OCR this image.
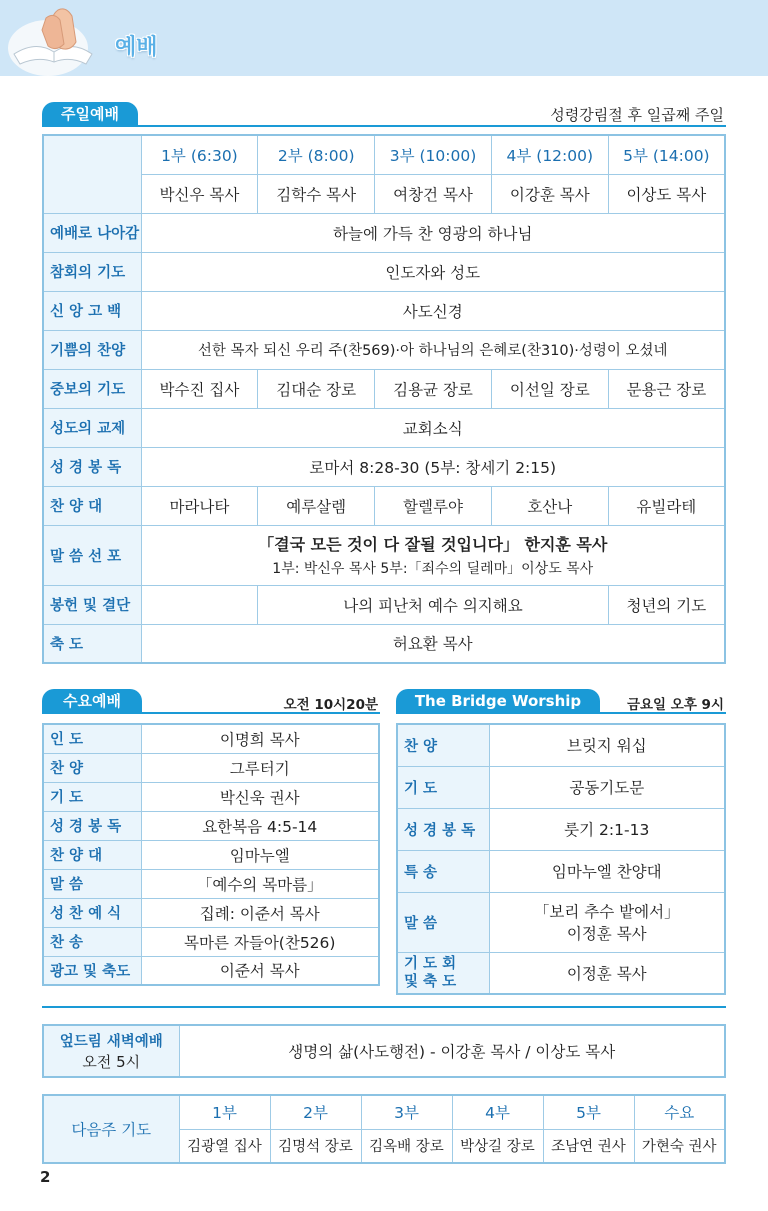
예배
주일예배	성령강림절 후 일곱째 주일
	1부 (6:30)	2부 (8:00)	3부 (10:00)	4부 (12:00)	5부 (14:00)
	박신우 목사	김학수 목사	여창건 목사	이강훈 목사	이상도 목사
예배로 나아감	하늘에 가득 찬 영광의 하나님				
참회의 기도	인도자와 성도				
신 앙 고 백	사도신경				
기쁨의 찬양	선한 목자 되신 우리 주(찬569)·아 하나님의 은혜로(찬310)·성령이 오셨네				
중보의 기도	박수진 집사	김대순 장로	김용균 장로	이선일 장로	문용근 장로
성도의 교제	교회소식				
성 경 봉 독	로마서 8:28-30 (5부: 창세기 2:15)				
찬 양 대	마라나타	예루살렘	할렐루야	호산나	유빌라테
말 씀 선 포	「결국 모든 것이 다 잘될 것입니다」 한지훈 목사
1부: 박신우 목사 5부:「죄수의 딜레마」이상도 목사				

봉헌 및 결단		나의 피난처 예수 의지해요			청년의 기도
축 도	허요환 목사				
수요예배	오전 10시20분
인 도	이명희 목사
찬 양	그루터기
기 도	박신욱 권사
성 경 봉 독	요한복음 4:5-14
찬 양 대	임마누엘
말 씀	「예수의 목마름」
성 찬 예 식	집례: 이준서 목사
찬 송	목마른 자들아(찬526)
광고 및 축도	이준서 목사
The Bridge Worship	금요일 오후 9시
찬 양	브릿지 워십
기 도	공동기도문
성 경 봉 독	룻기 2:1-13
특 송	임마누엘 찬양대
말 씀	「보리 추수 밭에서」
이정훈 목사

기 도 회
및 축 도	이정훈 목사
엎드림 새벽예배
오전 5시
	생명의 삶(사도행전) - 이강훈 목사 / 이상도 목사
다음주 기도	1부	2부	3부	4부	5부	수요
	김광열 집사	김명석 장로	김옥배 장로	박상길 장로	조남연 권사	가현숙 권사
2
